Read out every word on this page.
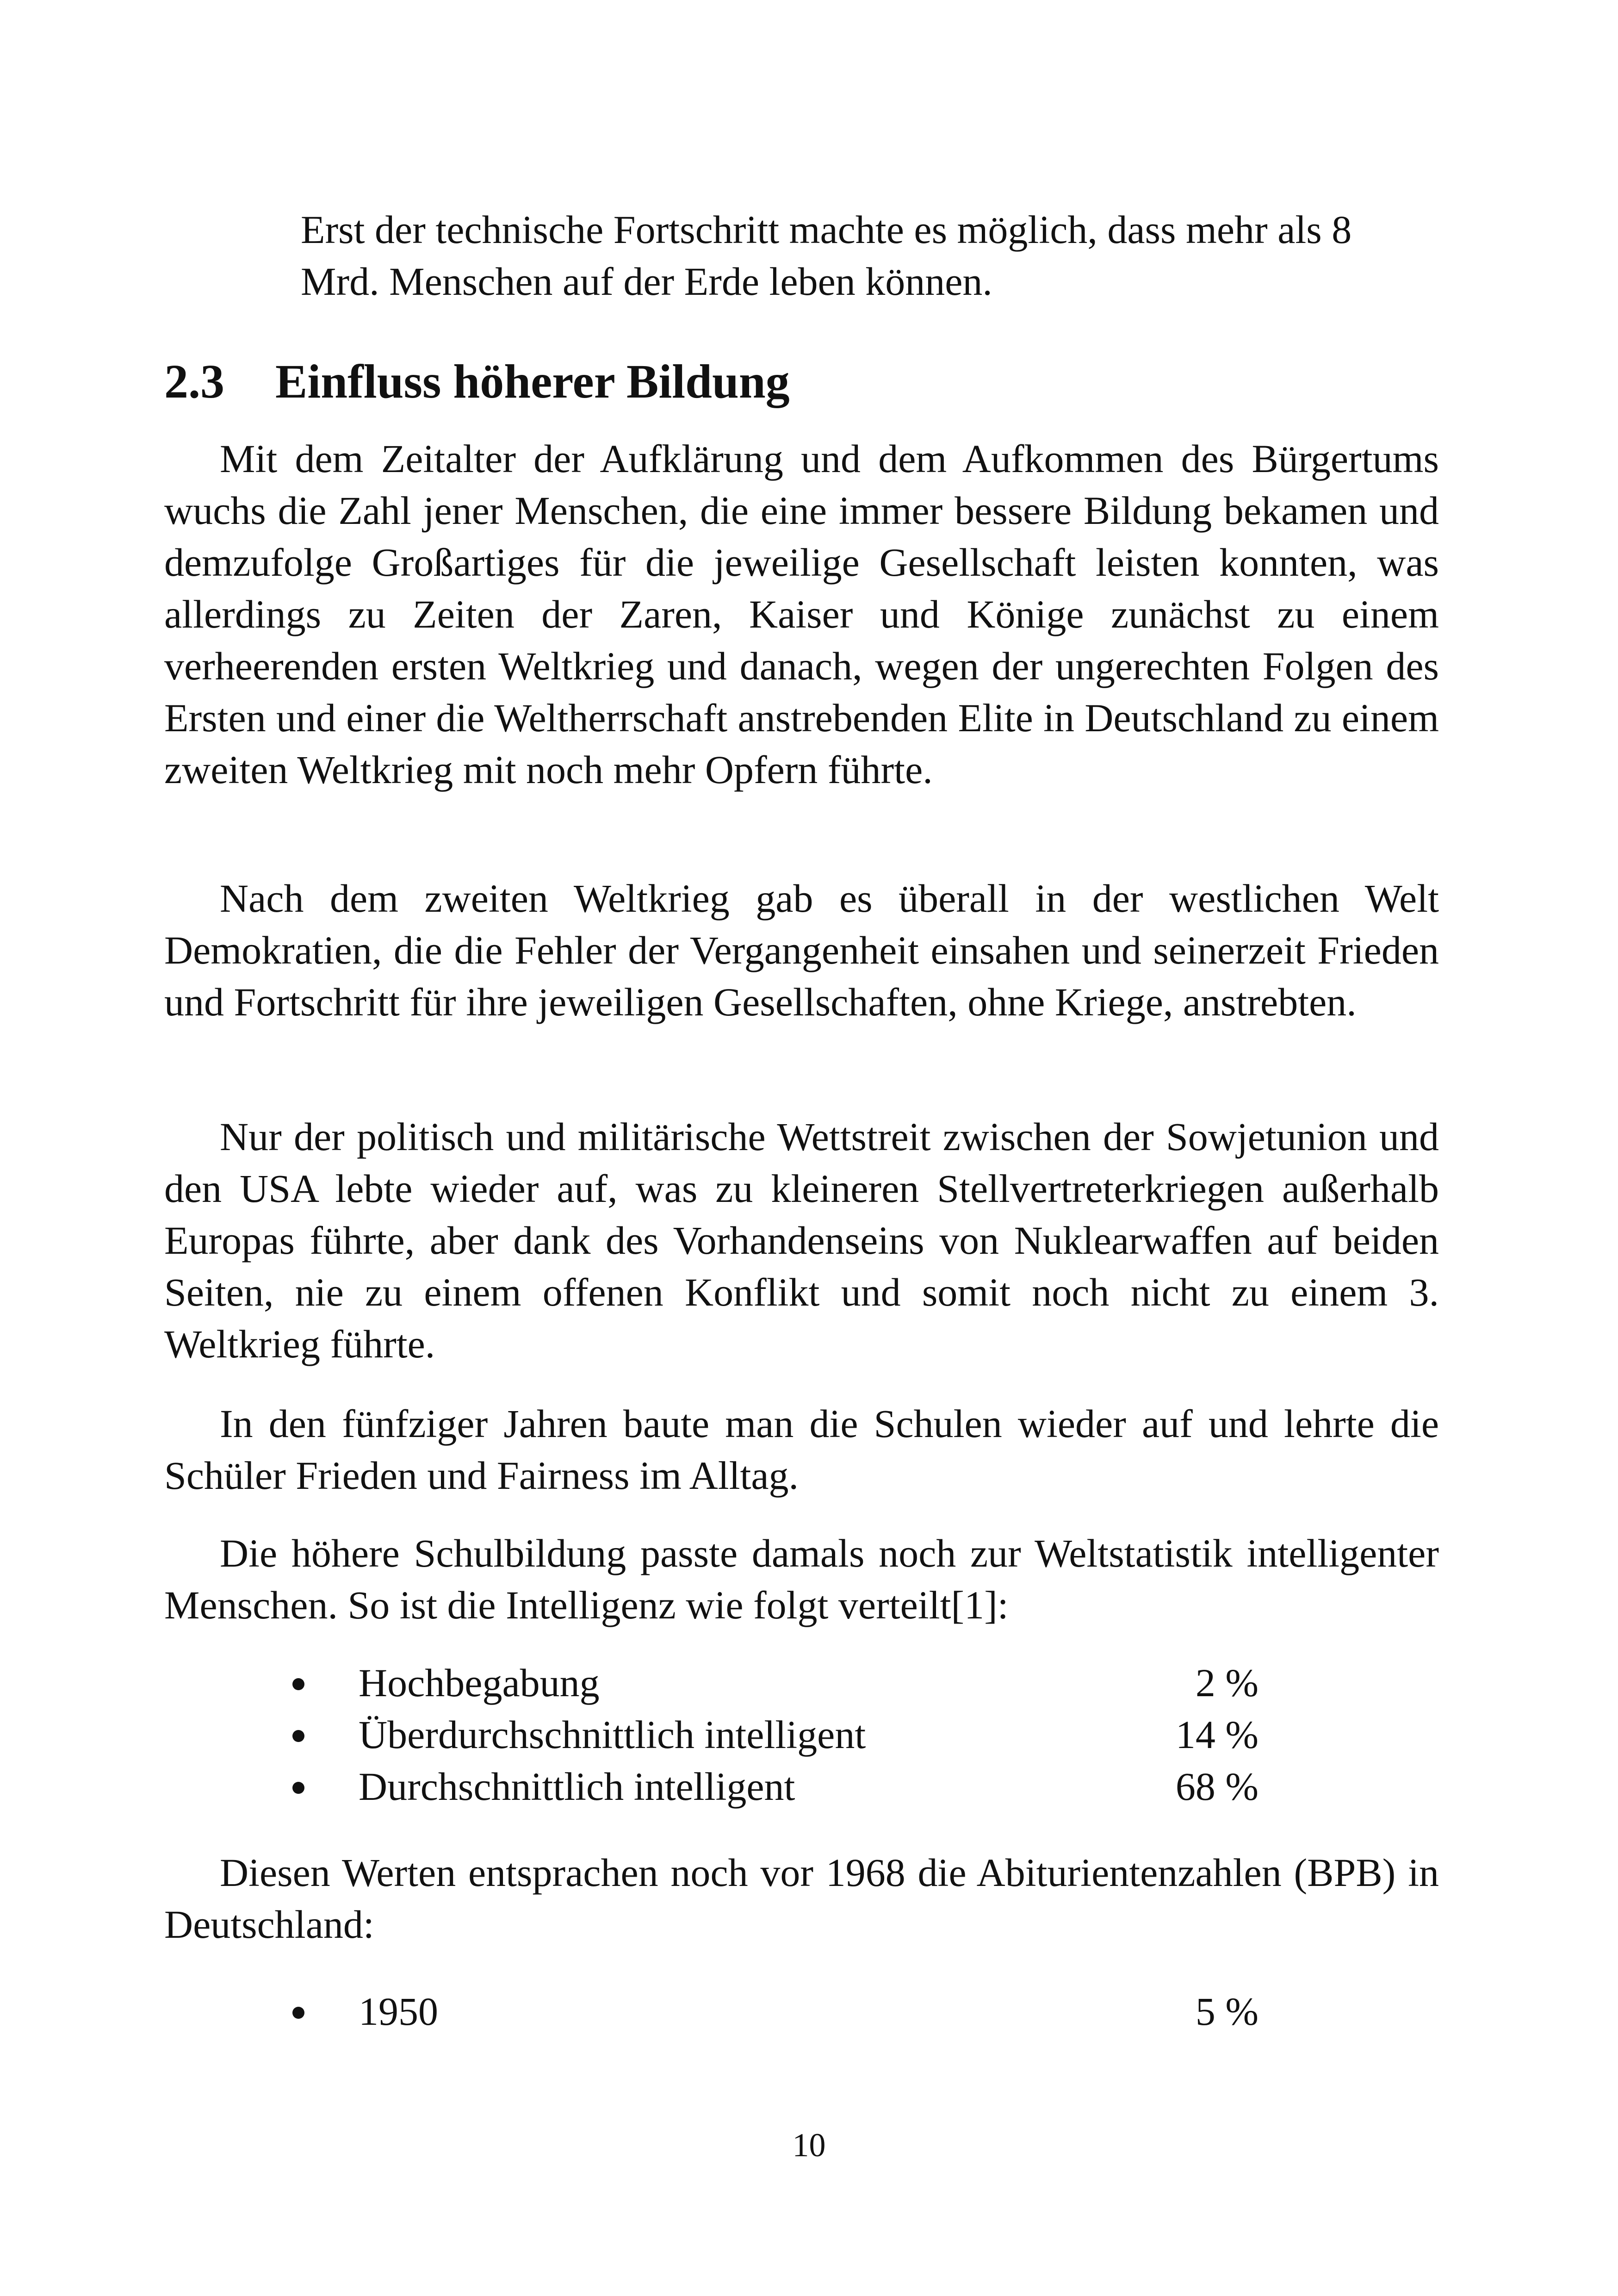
Erst der technische Fortschritt machte es möglich, dass mehr als 8 Mrd. Menschen auf der Erde leben können.
2.3 Einfluss höherer Bildung
Mit dem Zeitalter der Aufklärung und dem Aufkommen des Bürgertums wuchs die Zahl jener Menschen, die eine immer bessere Bildung bekamen und demzufolge Großartiges für die jeweilige Gesellschaft leisten konnten, was allerdings zu Zeiten der Zaren, Kaiser und Könige zunächst zu einem verheerenden ersten Weltkrieg und danach, wegen der ungerechten Folgen des Ersten und einer die Weltherrschaft anstrebenden Elite in Deutschland zu einem zweiten Weltkrieg mit noch mehr Opfern führte.
Nach dem zweiten Weltkrieg gab es überall in der westlichen Welt Demokratien, die die Fehler der Vergangenheit einsahen und seinerzeit Frieden und Fortschritt für ihre jeweiligen Gesellschaften, ohne Kriege, anstrebten.
Nur der politisch und militärische Wettstreit zwischen der Sowjetunion und den USA lebte wieder auf, was zu kleineren Stellvertreterkriegen außerhalb Europas führte, aber dank des Vorhandenseins von Nuklearwaffen auf beiden Seiten, nie zu einem offenen Konflikt und somit noch nicht zu einem 3. Weltkrieg führte.
In den fünfziger Jahren baute man die Schulen wieder auf und lehrte die Schüler Frieden und Fairness im Alltag.
Die höhere Schulbildung passte damals noch zur Weltstatistik intelligenter Menschen. So ist die Intelligenz wie folgt verteilt[1]:
Hochbegabung	2 %
Überdurchschnittlich intelligent	14 %
Durchschnittlich intelligent	68 %
Diesen Werten entsprachen noch vor 1968 die Abiturientenzahlen (BPB) in Deutschland:
1950	5 %
10
